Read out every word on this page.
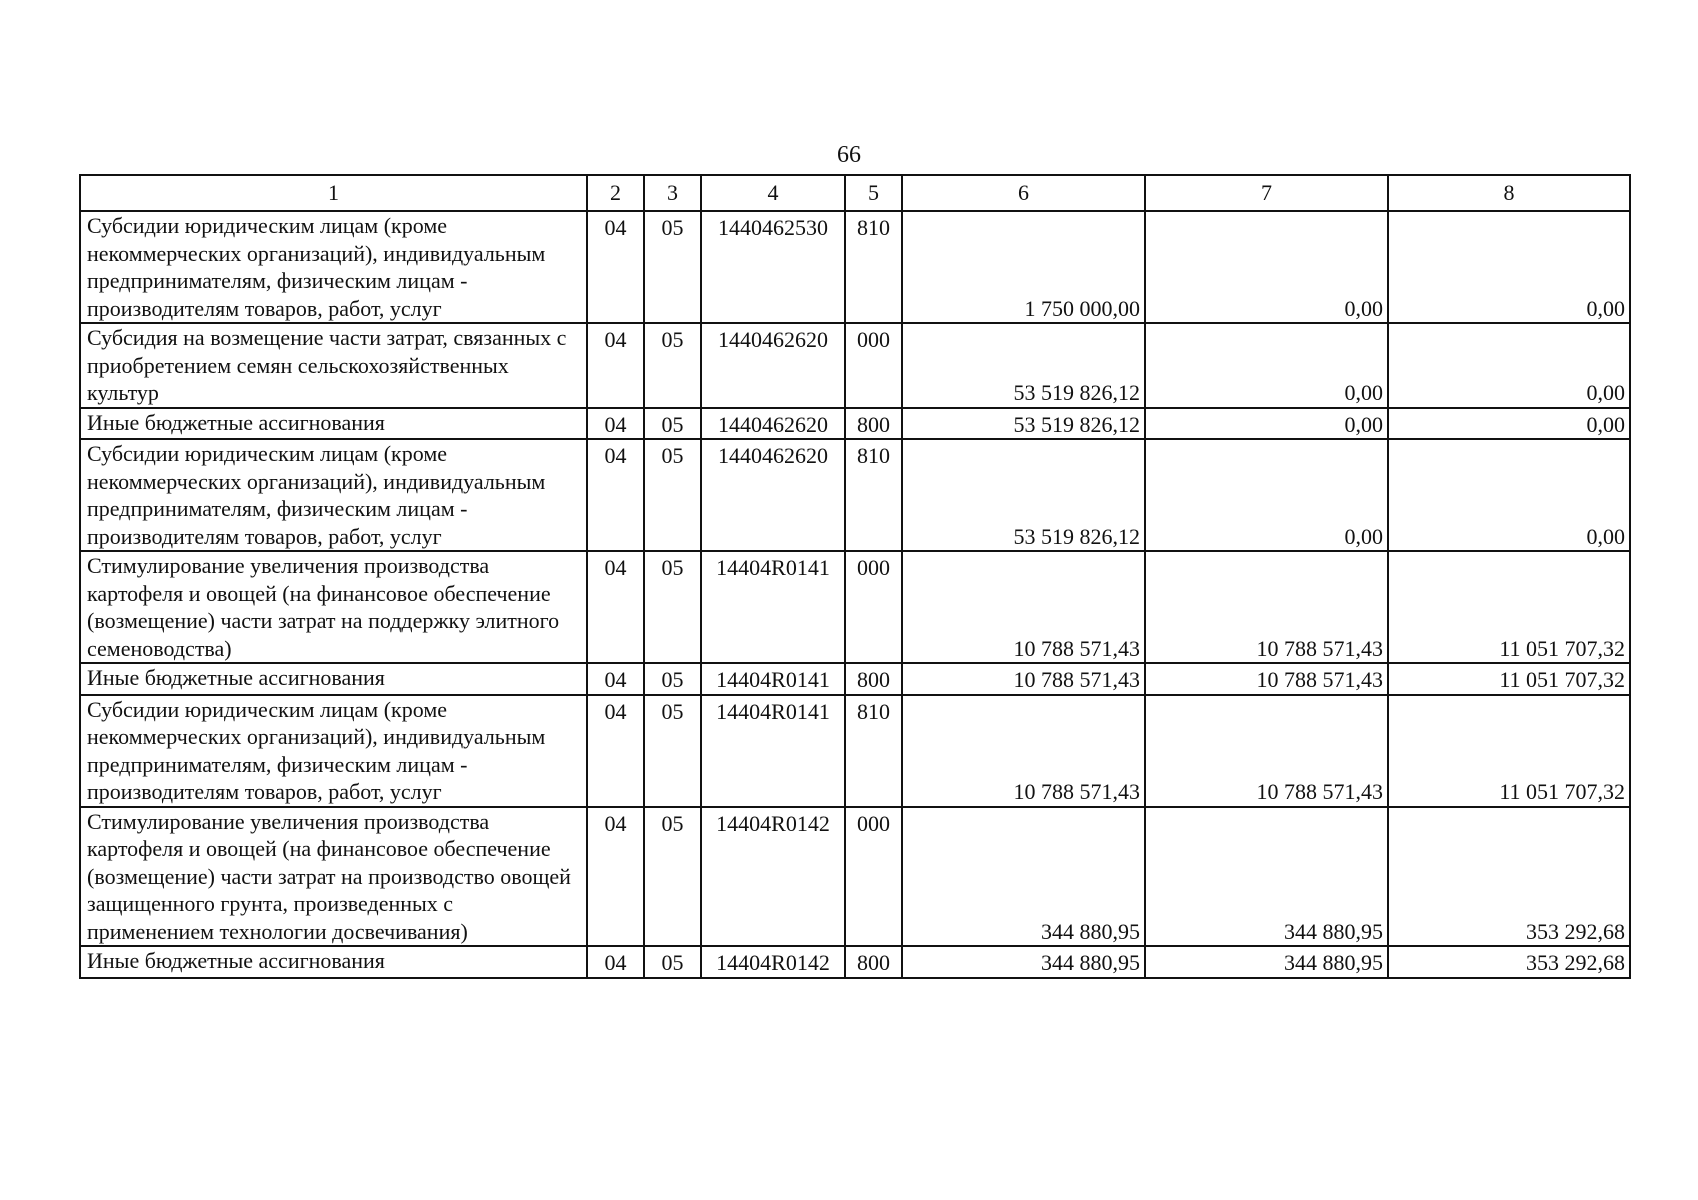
66
1	2	3	4	5	6	7	8
Субсидии юридическим лицам (кроме некоммерческих организаций), индивидуальным предпринимателям, физическим лицам - производителям товаров, работ, услуг	04	05	1440462530	810	1 750 000,00	0,00	0,00
Субсидия на возмещение части затрат, связанных с приобретением семян сельскохозяйственных культур	04	05	1440462620	000	53 519 826,12	0,00	0,00
Иные бюджетные ассигнования	04	05	1440462620	800	53 519 826,12	0,00	0,00
Субсидии юридическим лицам (кроме некоммерческих организаций), индивидуальным предпринимателям, физическим лицам - производителям товаров, работ, услуг	04	05	1440462620	810	53 519 826,12	0,00	0,00
Стимулирование увеличения производства картофеля и овощей (на финансовое обеспечение (возмещение) части затрат на поддержку элитного семеноводства)	04	05	14404R0141	000	10 788 571,43	10 788 571,43	11 051 707,32
Иные бюджетные ассигнования	04	05	14404R0141	800	10 788 571,43	10 788 571,43	11 051 707,32
Субсидии юридическим лицам (кроме некоммерческих организаций), индивидуальным предпринимателям, физическим лицам - производителям товаров, работ, услуг	04	05	14404R0141	810	10 788 571,43	10 788 571,43	11 051 707,32
Стимулирование увеличения производства картофеля и овощей (на финансовое обеспечение (возмещение) части затрат на производство овощей защищенного грунта, произведенных с применением технологии досвечивания)	04	05	14404R0142	000	344 880,95	344 880,95	353 292,68
Иные бюджетные ассигнования	04	05	14404R0142	800	344 880,95	344 880,95	353 292,68
